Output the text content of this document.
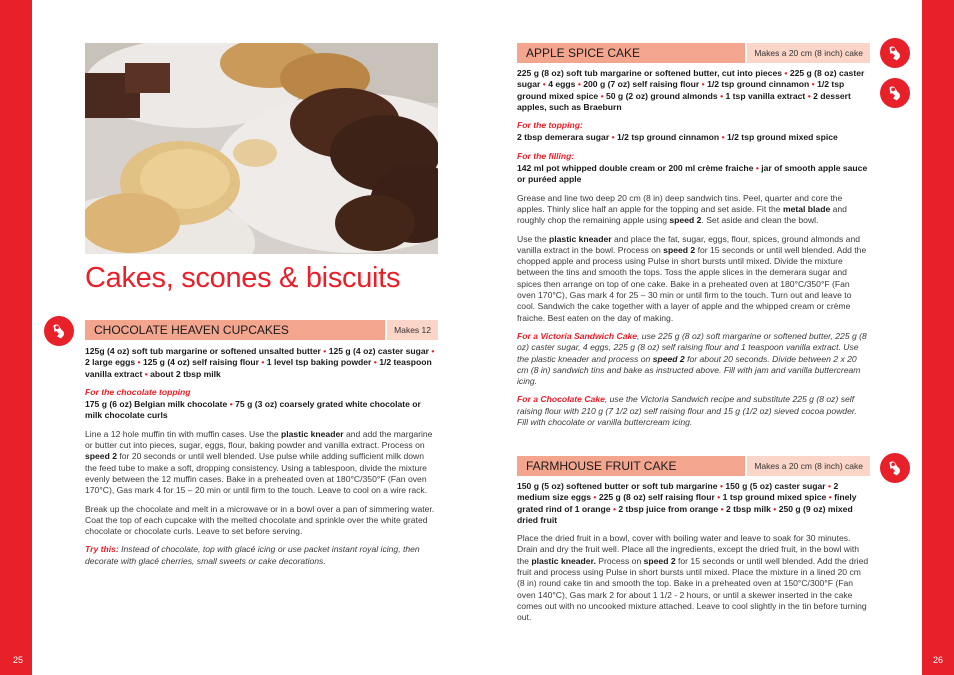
25	26
Cakes, scones & biscuits
CHOCOLATE HEAVEN CUPCAKES	Makes 12

125g (4 oz) soft tub margarine or softened unsalted butter • 125 g (4 oz) caster sugar • 2 large eggs • 125 g (4 oz) self raising flour • 1 level tsp baking powder • 1/2 teaspoon vanilla extract • about 2 tbsp milk

For the chocolate topping

175 g (6 oz) Belgian milk chocolate • 75 g (3 oz) coarsely grated white chocolate or milk chocolate curls

Line a 12 hole muffin tin with muffin cases. Use the plastic kneader and add the margarine or butter cut into pieces, sugar, eggs, flour, baking powder and vanilla extract. Process on speed 2 for 20 seconds or until well blended. Use pulse while adding sufficient milk down the feed tube to make a soft, dropping consistency. Using a tablespoon, divide the mixture evenly between the 12 muffin cases. Bake in a preheated oven at 180°C/350°F (Fan oven 170°C), Gas mark 4 for 15 – 20 min or until firm to the touch. Leave to cool on a wire rack.

Break up the chocolate and melt in a microwave or in a bowl over a pan of simmering water. Coat the top of each cupcake with the melted chocolate and sprinkle over the white grated chocolate or chocolate curls. Leave to set before serving.

Try this: Instead of chocolate, top with glacé icing or use packet instant royal icing, then decorate with glacé cherries, small sweets or cake decorations.

APPLE SPICE CAKE	Makes a 20 cm (8 inch) cake

225 g (8 oz) soft tub margarine or softened butter, cut into pieces • 225 g (8 oz) caster sugar • 4 eggs • 200 g (7 oz) self raising flour • 1/2 tsp ground cinnamon • 1/2 tsp ground mixed spice • 50 g (2 oz) ground almonds • 1 tsp vanilla extract • 2 dessert apples, such as Braeburn

For the topping:

2 tbsp demerara sugar • 1/2 tsp ground cinnamon • 1/2 tsp ground mixed spice

For the filling:

142 ml pot whipped double cream or 200 ml crème fraiche • jar of smooth apple sauce or puréed apple

Grease and line two deep 20 cm (8 in) deep sandwich tins. Peel, quarter and core the apples. Thinly slice half an apple for the topping and set aside. Fit the metal blade and roughly chop the remaining apple using speed 2. Set aside and clean the bowl.

Use the plastic kneader and place the fat, sugar, eggs, flour, spices, ground almonds and vanilla extract in the bowl. Process on speed 2 for 15 seconds or until well blended. Add the chopped apple and process using Pulse in short bursts until mixed. Divide the mixture between the tins and smooth the tops. Toss the apple slices in the demerara sugar and spices then arrange on top of one cake. Bake in a preheated oven at 180°C/350°F (Fan oven 170°C), Gas mark 4 for 25 – 30 min or until firm to the touch. Turn out and leave to cool. Sandwich the cake together with a layer of apple and the whipped cream or crème fraiche. Best eaten on the day of making.

For a Victoria Sandwich Cake, use 225 g (8 oz) soft margarine or softened butter, 225 g (8 oz) caster sugar, 4 eggs, 225 g (8 oz) self raising flour and 1 teaspoon vanilla extract. Use the plastic kneader and process on speed 2 for about 20 seconds. Divide between 2 x 20 cm (8 in) sandwich tins and bake as instructed above. Fill with jam and vanilla buttercream icing.

For a Chocolate Cake, use the Victoria Sandwich recipe and substitute 225 g (8 oz) self raising flour with 210 g (7 1/2 oz) self raising flour and 15 g (1/2 oz) sieved cocoa powder. Fill with chocolate or vanilla buttercream icing.

FARMHOUSE FRUIT CAKE	Makes a 20 cm (8 inch) cake

150 g (5 oz) softened butter or soft tub margarine • 150 g (5 oz) caster sugar • 2 medium size eggs • 225 g (8 oz) self raising flour • 1 tsp ground mixed spice • finely grated rind of 1 orange • 2 tbsp juice from orange • 2 tbsp milk • 250 g (9 oz) mixed dried fruit

Place the dried fruit in a bowl, cover with boiling water and leave to soak for 30 minutes. Drain and dry the fruit well. Place all the ingredients, except the dried fruit, in the bowl with the plastic kneader. Process on speed 2 for 15 seconds or until well blended. Add the dried fruit and process using Pulse in short bursts until mixed. Place the mixture in a lined 20 cm (8 in) round cake tin and smooth the top. Bake in a preheated oven at 150°C/300°F (Fan oven 140°C), Gas mark 2 for about 1 1/2 - 2 hours, or until a skewer inserted in the cake comes out with no uncooked mixture attached. Leave to cool slightly in the tin before turning out.
